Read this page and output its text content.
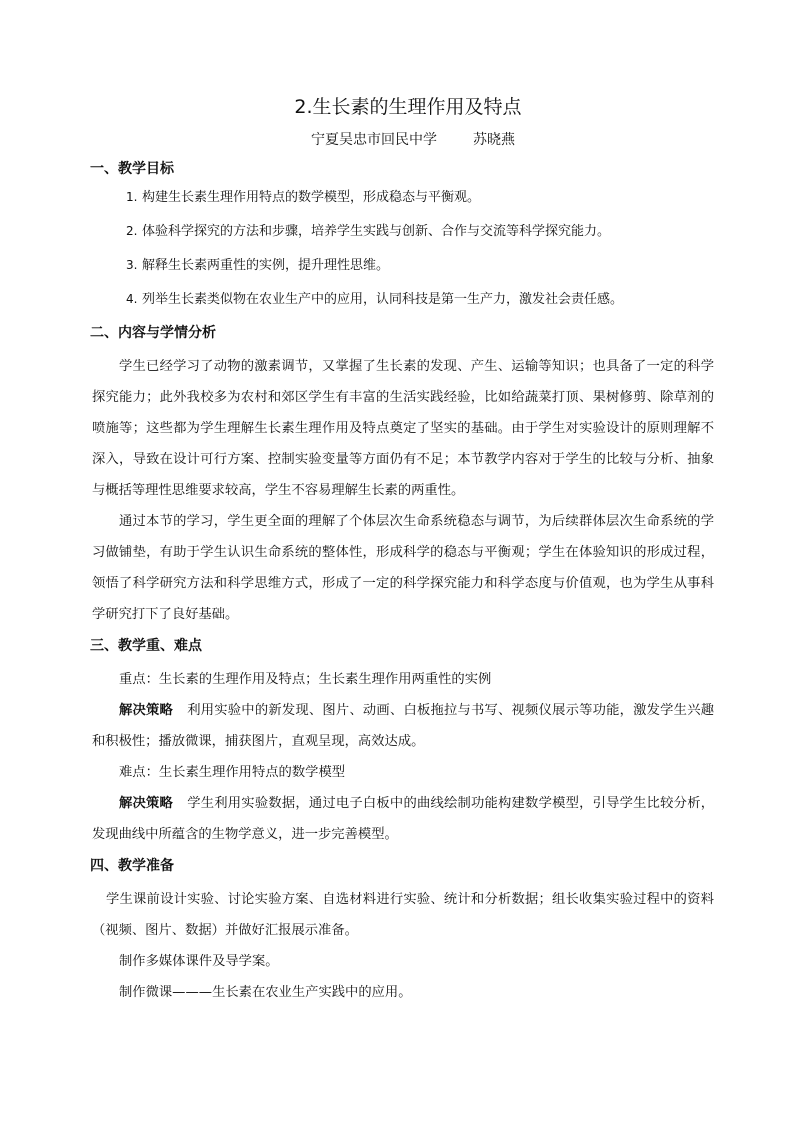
2.生长素的生理作用及特点
宁夏吴忠市回民中学	苏晓燕
一、教学目标
1. 构建生长素生理作用特点的数学模型，形成稳态与平衡观。
2. 体验科学探究的方法和步骤，培养学生实践与创新、合作与交流等科学探究能力。
3. 解释生长素两重性的实例，提升理性思维。
4. 列举生长素类似物在农业生产中的应用，认同科技是第一生产力，激发社会责任感。
二、内容与学情分析

学生已经学习了动物的激素调节，又掌握了生长素的发现、产生、运输等知识；也具备了一定的科学探究能力；此外我校多为农村和郊区学生有丰富的生活实践经验，比如给蔬菜打顶、果树修剪、除草剂的喷施等；这些都为学生理解生长素生理作用及特点奠定了坚实的基础。由于学生对实验设计的原则理解不深入，导致在设计可行方案、控制实验变量等方面仍有不足；本节教学内容对于学生的比较与分析、抽象与概括等理性思维要求较高，学生不容易理解生长素的两重性。

通过本节的学习，学生更全面的理解了个体层次生命系统稳态与调节，为后续群体层次生命系统的学习做铺垫，有助于学生认识生命系统的整体性，形成科学的稳态与平衡观；学生在体验知识的形成过程，领悟了科学研究方法和科学思维方式，形成了一定的科学探究能力和科学态度与价值观，也为学生从事科学研究打下了良好基础。

三、教学重、难点

重点：生长素的生理作用及特点；生长素生理作用两重性的实例

解决策略 利用实验中的新发现、图片、动画、白板拖拉与书写、视频仪展示等功能，激发学生兴趣和积极性；播放微课，捕获图片，直观呈现，高效达成。

难点：生长素生理作用特点的数学模型

解决策略 学生利用实验数据，通过电子白板中的曲线绘制功能构建数学模型，引导学生比较分析，发现曲线中所蕴含的生物学意义，进一步完善模型。

四、教学准备

学生课前设计实验、讨论实验方案、自选材料进行实验、统计和分析数据；组长收集实验过程中的资料（视频、图片、数据）并做好汇报展示准备。

制作多媒体课件及导学案。

制作微课———生长素在农业生产实践中的应用。
